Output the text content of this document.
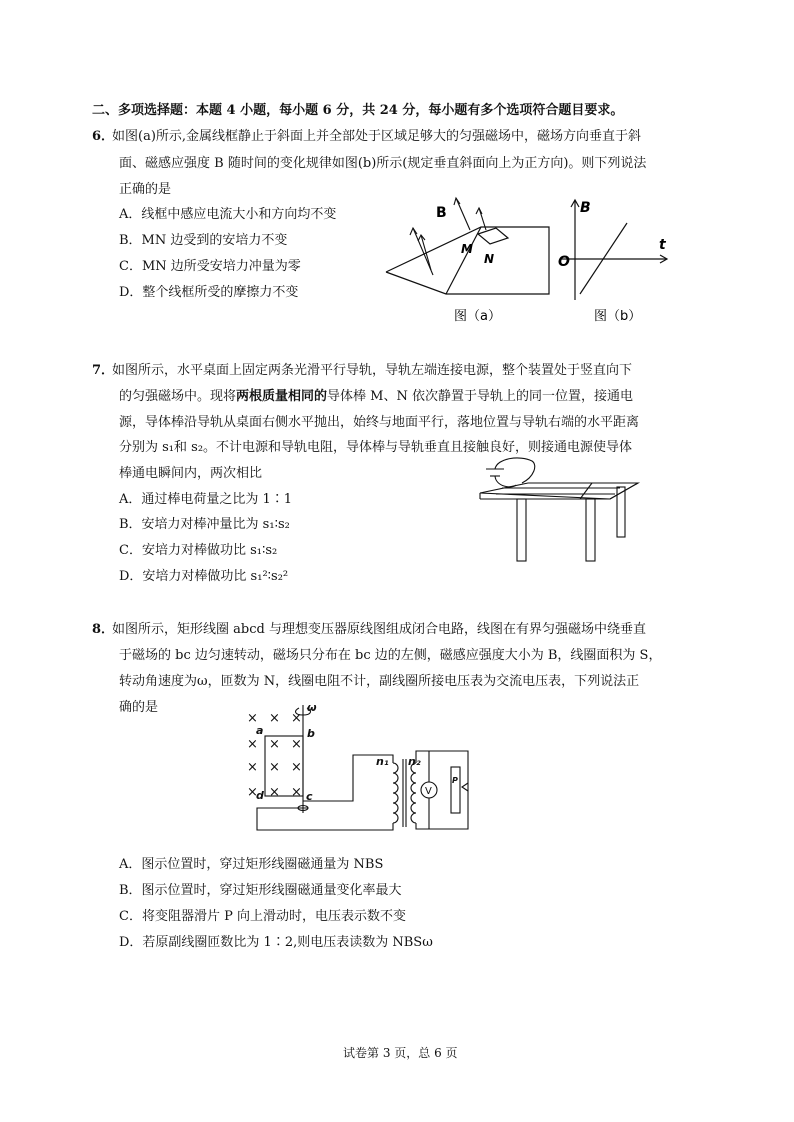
二、多项选择题：本题 4 小题，每小题 6 分，共 24 分，每小题有多个选项符合题目要求。
6．
如图(a)所示,金属线框静止于斜面上并全部处于区域足够大的匀强磁场中，磁场方向垂直于斜
面、磁感应强度 B 随时间的变化规律如图(b)所示(规定垂直斜面向上为正方向)。则下列说法
正确的是
A．线框中感应电流大小和方向均不变
B．MN 边受到的安培力不变
C．MN 边所受安培力冲量为零
D．整个线框所受的摩擦力不变
B
M
N
图（a）
B
t
O
图（b）
7．
如图所示，水平桌面上固定两条光滑平行导轨，导轨左端连接电源，整个装置处于竖直向下
的匀强磁场中。现将两根质量相同的导体棒 M、N 依次静置于导轨上的同一位置，接通电
源，导体棒沿导轨从桌面右侧水平抛出，始终与地面平行，落地位置与导轨右端的水平距离
分别为 s₁和 s₂。不计电源和导轨电阻，导体棒与导轨垂直且接触良好，则接通电源使导体
棒通电瞬间内，两次相比
A．通过棒电荷量之比为 1∶1
B．安培力对棒冲量比为 s₁∶s₂
C．安培力对棒做功比 s₁∶s₂
D．安培力对棒做功比 s₁²∶s₂²
8．
如图所示，矩形线圈 abcd 与理想变压器原线图组成闭合电路，线图在有界匀强磁场中绕垂直
于磁场的 bc 边匀速转动，磁场只分布在 bc 边的左侧，磁感应强度大小为 B，线圈面积为 S，
转动角速度为ω，匝数为 N，线圈电阻不计，副线圈所接电压表为交流电压表，下列说法正
确的是
× × ×
× × ×
× × ×
× × ×
ω
a	b
c
d
n₁ n₂
P
V
A．图示位置时，穿过矩形线圈磁通量为 NBS
B．图示位置时，穿过矩形线圈磁通量变化率最大
C．将变阻器滑片 P 向上滑动时，电压表示数不变
D．若原副线圈匝数比为 1∶2,则电压表读数为 NBSω
试卷第 3 页，总 6 页
